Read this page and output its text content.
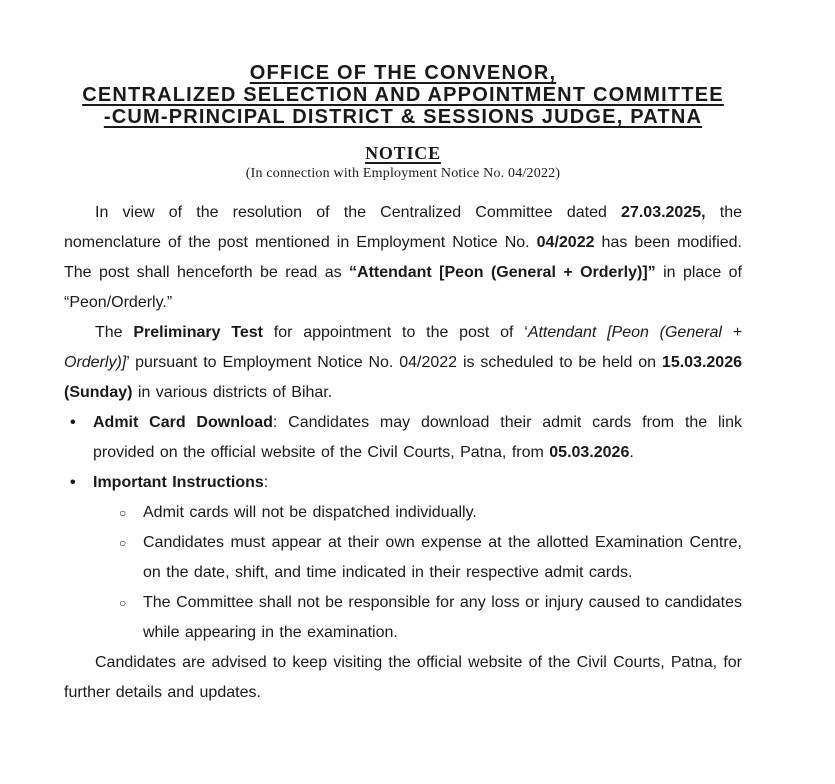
OFFICE OF THE CONVENOR,
CENTRALIZED SELECTION AND APPOINTMENT COMMITTEE
-CUM-PRINCIPAL DISTRICT & SESSIONS JUDGE, PATNA
NOTICE
(In connection with Employment Notice No. 04/2022)
In view of the resolution of the Centralized Committee dated 27.03.2025, the nomenclature of the post mentioned in Employment Notice No. 04/2022 has been modified. The post shall henceforth be read as “Attendant [Peon (General + Orderly)]” in place of “Peon/Orderly.”
The Preliminary Test for appointment to the post of ‘Attendant [Peon (General + Orderly)]’ pursuant to Employment Notice No. 04/2022 is scheduled to be held on 15.03.2026 (Sunday) in various districts of Bihar.
• Admit Card Download: Candidates may download their admit cards from the link provided on the official website of the Civil Courts, Patna, from 05.03.2026.
• Important Instructions:
○ Admit cards will not be dispatched individually.
○ Candidates must appear at their own expense at the allotted Examination Centre, on the date, shift, and time indicated in their respective admit cards.
○ The Committee shall not be responsible for any loss or injury caused to candidates while appearing in the examination.
Candidates are advised to keep visiting the official website of the Civil Courts, Patna, for further details and updates.
